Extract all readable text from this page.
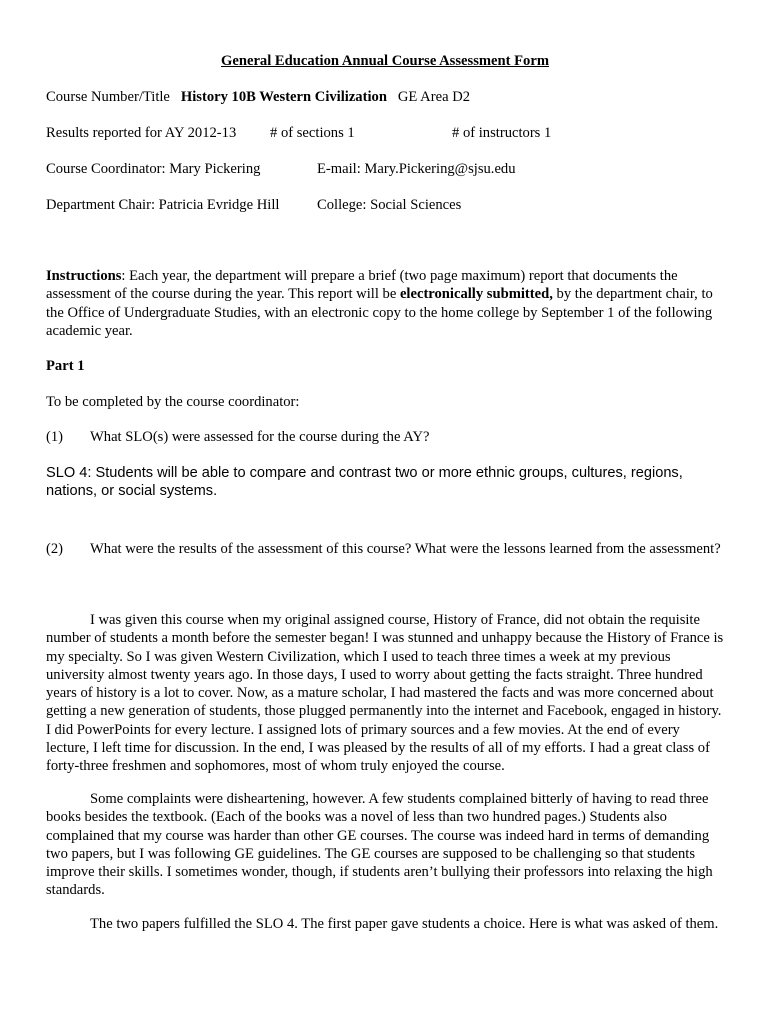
General Education Annual Course Assessment Form
Course Number/Title History 10B Western Civilization GE Area D2
Results reported for AY 2012-13 # of sections 1	# of instructors 1
Course Coordinator: Mary Pickering	E-mail: Mary.Pickering@sjsu.edu
Department Chair: Patricia Evridge Hill	College: Social Sciences

Instructions: Each year, the department will prepare a brief (two page maximum) report that documents the assessment of the course during the year. This report will be electronically submitted, by the department chair, to the Office of Undergraduate Studies, with an electronic copy to the home college by September 1 of the following academic year.

Part 1
To be completed by the course coordinator:
(1) What SLO(s) were assessed for the course during the AY?
SLO 4: Students will be able to compare and contrast two or more ethnic groups, cultures, regions, nations, or social systems.

(2) What were the results of the assessment of this course? What were the lessons learned from the assessment?

I was given this course when my original assigned course, History of France, did not obtain the requisite number of students a month before the semester began! I was stunned and unhappy because the History of France is my specialty. So I was given Western Civilization, which I used to teach three times a week at my previous university almost twenty years ago. In those days, I used to worry about getting the facts straight. Three hundred years of history is a lot to cover. Now, as a mature scholar, I had mastered the facts and was more concerned about getting a new generation of students, those plugged permanently into the internet and Facebook, engaged in history. I did PowerPoints for every lecture. I assigned lots of primary sources and a few movies. At the end of every lecture, I left time for discussion. In the end, I was pleased by the results of all of my efforts. I had a great class of forty-three freshmen and sophomores, most of whom truly enjoyed the course.
Some complaints were disheartening, however. A few students complained bitterly of having to read three books besides the textbook. (Each of the books was a novel of less than two hundred pages.) Students also complained that my course was harder than other GE courses. The course was indeed hard in terms of demanding two papers, but I was following GE guidelines. The GE courses are supposed to be challenging so that students improve their skills. I sometimes wonder, though, if students aren’t bullying their professors into relaxing the high standards.
The two papers fulfilled the SLO 4. The first paper gave students a choice. Here is what was asked of them.
